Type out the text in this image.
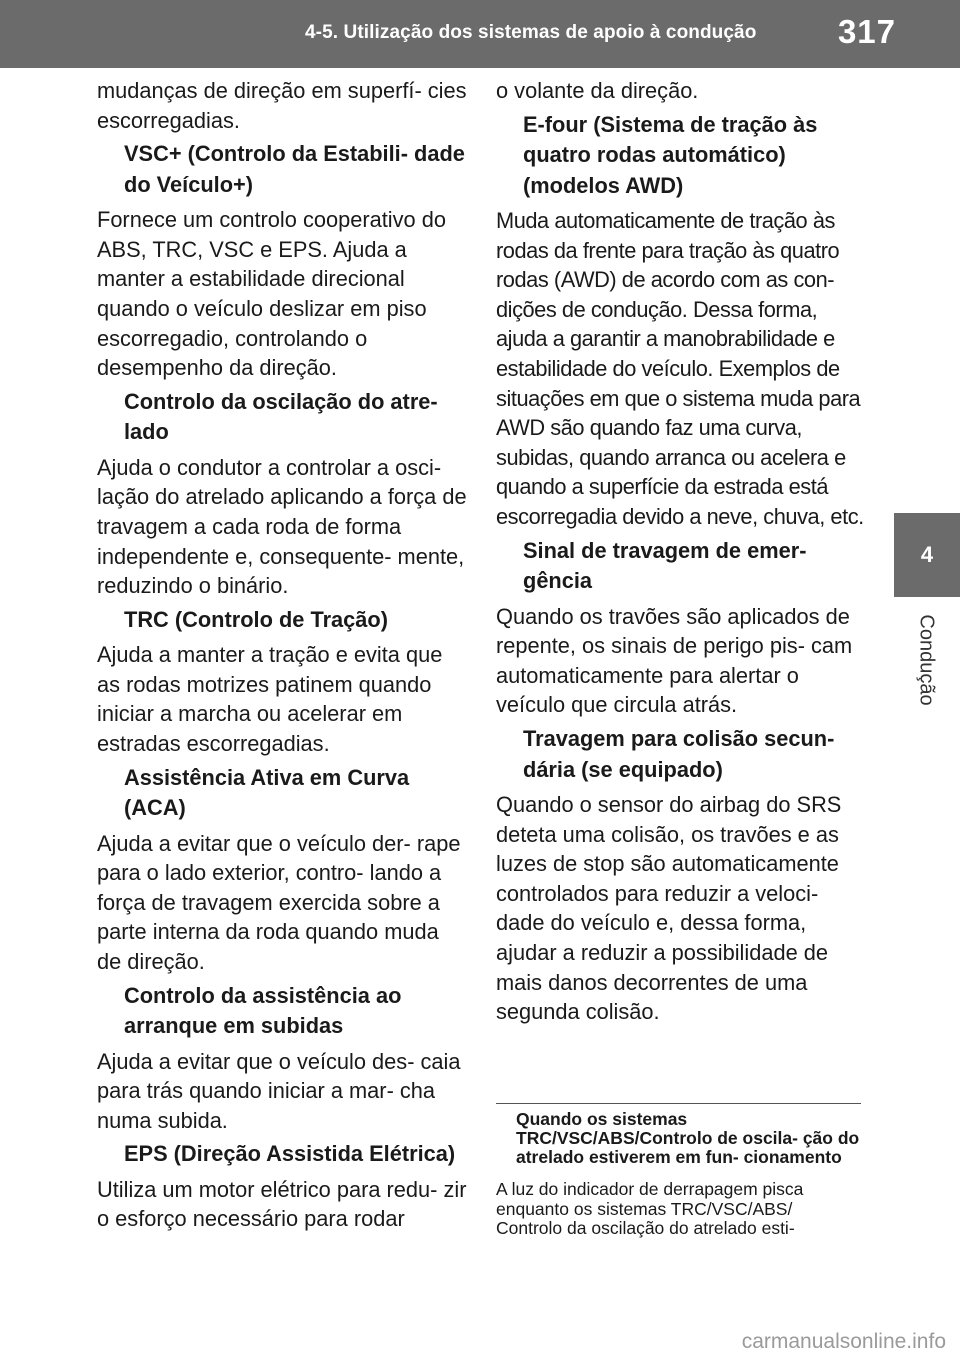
4-5. Utilização dos sistemas de apoio à condução 317
4
Condução

mudanças de direção em superfí- cies escorregadias.

VSC+ (Controlo da Estabili- dade do Veículo+)

Fornece um controlo cooperativo do ABS, TRC, VSC e EPS. Ajuda a manter a estabilidade direcional quando o veículo deslizar em piso escorregadio, controlando o desempenho da direção.

Controlo da oscilação do atre- lado

Ajuda o condutor a controlar a osci- lação do atrelado aplicando a força de travagem a cada roda de forma independente e, consequente- mente, reduzindo o binário.

TRC (Controlo de Tração)

Ajuda a manter a tração e evita que as rodas motrizes patinem quando iniciar a marcha ou acelerar em estradas escorregadias.

Assistência Ativa em Curva (ACA)

Ajuda a evitar que o veículo der- rape para o lado exterior, contro- lando a força de travagem exercida sobre a parte interna da roda quando muda de direção.

Controlo da assistência ao arranque em subidas

Ajuda a evitar que o veículo des- caia para trás quando iniciar a mar- cha numa subida.

EPS (Direção Assistida Elétrica)

Utiliza um motor elétrico para redu- zir o esforço necessário para rodar

o volante da direção.

E-four (Sistema de tração às quatro rodas automático) (modelos AWD)

Muda automaticamente de tração às rodas da frente para tração às quatro rodas (AWD) de acordo com as con- dições de condução. Dessa forma, ajuda a garantir a manobrabilidade e estabilidade do veículo. Exemplos de situações em que o sistema muda para AWD são quando faz uma curva, subidas, quando arranca ou acelera e quando a superfície da estrada está escorregadia devido a neve, chuva, etc.

Sinal de travagem de emer- gência

Quando os travões são aplicados de repente, os sinais de perigo pis- cam automaticamente para alertar o veículo que circula atrás.

Travagem para colisão secun- dária (se equipado)

Quando o sensor do airbag do SRS deteta uma colisão, os travões e as luzes de stop são automaticamente controlados para reduzir a veloci- dade do veículo e, dessa forma, ajudar a reduzir a possibilidade de mais danos decorrentes de uma segunda colisão.

Quando os sistemas TRC/VSC/ABS/Controlo de oscila- ção do atrelado estiverem em fun- cionamento

A luz do indicador de derrapagem pisca enquanto os sistemas TRC/VSC/ABS/ Controlo da oscilação do atrelado esti-

carmanualsonline.info
